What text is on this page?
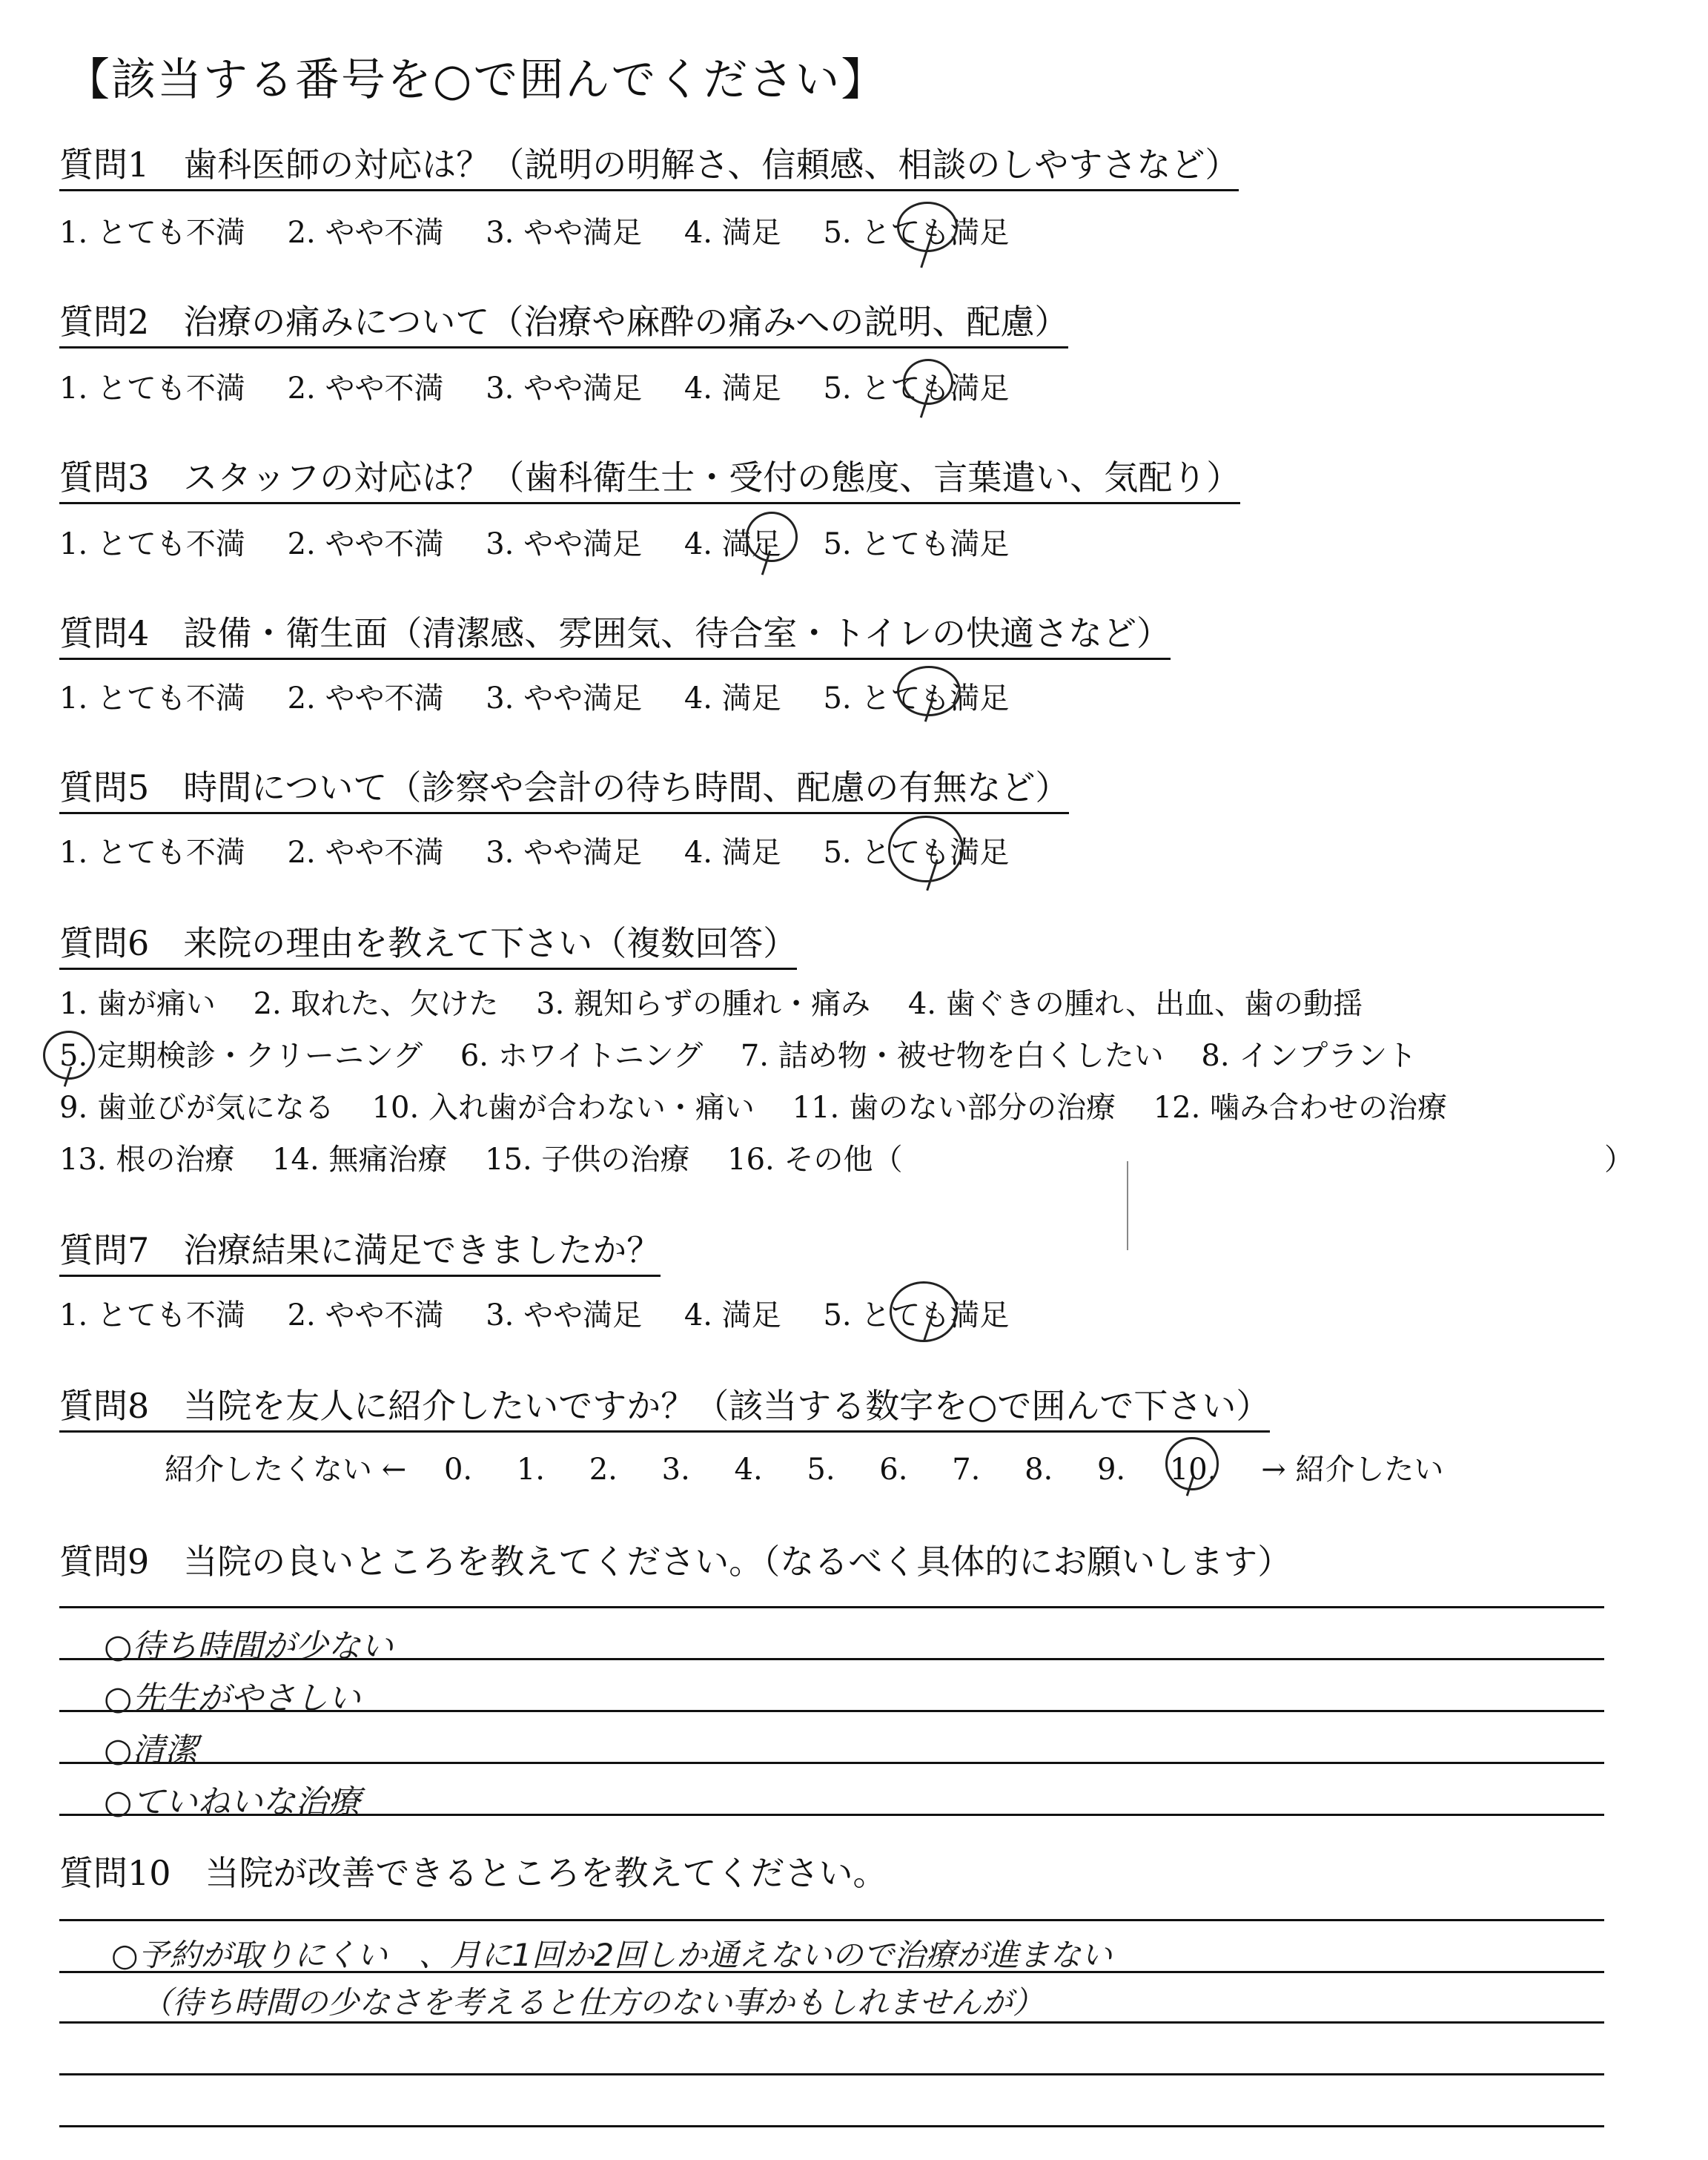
【該当する番号を○で囲んでください】
質問1　歯科医師の対応は？（説明の明解さ、信頼感、相談のしやすさなど）
1. とても不満 2. やや不満 3. やや満足 4. 満足 5. とても満足
質問2　治療の痛みについて（治療や麻酔の痛みへの説明、配慮）
1. とても不満 2. やや不満 3. やや満足 4. 満足 5. とても満足
質問3　スタッフの対応は？（歯科衛生士・受付の態度、言葉遣い、気配り）
1. とても不満 2. やや不満 3. やや満足 4. 満足 5. とても満足
質問4　設備・衛生面（清潔感、雰囲気、待合室・トイレの快適さなど）
1. とても不満 2. やや不満 3. やや満足 4. 満足 5. とても満足
質問5　時間について（診察や会計の待ち時間、配慮の有無など）
1. とても不満 2. やや不満 3. やや満足 4. 満足 5. とても満足
質問6　来院の理由を教えて下さい（複数回答）
1. 歯が痛い 2. 取れた、欠けた 3. 親知らずの腫れ・痛み 4. 歯ぐきの腫れ、出血、歯の動揺
5. 定期検診・クリーニング 6. ホワイトニング 7. 詰め物・被せ物を白くしたい 8. インプラント
9. 歯並びが気になる 10. 入れ歯が合わない・痛い 11. 歯のない部分の治療 12. 噛み合わせの治療
13. 根の治療 14. 無痛治療 15. 子供の治療 16. その他（	）
質問7　治療結果に満足できましたか？
1. とても不満 2. やや不満 3. やや満足 4. 満足 5. とても満足
質問8　当院を友人に紹介したいですか？（該当する数字を○で囲んで下さい）
紹介したくない ← 0. 1. 2. 3. 4. 5. 6. 7. 8. 9. 10. → 紹介したい
質問9　当院の良いところを教えてください。（なるべく具体的にお願いします）
○待ち時間が少ない
○先生がやさしい
○清潔
○ていねいな治療
質問10　当院が改善できるところを教えてください。
○予約が取りにくい　、月に1回か2回しか通えないので治療が進まない
（待ち時間の少なさを考えると仕方のない事かもしれませんが）
